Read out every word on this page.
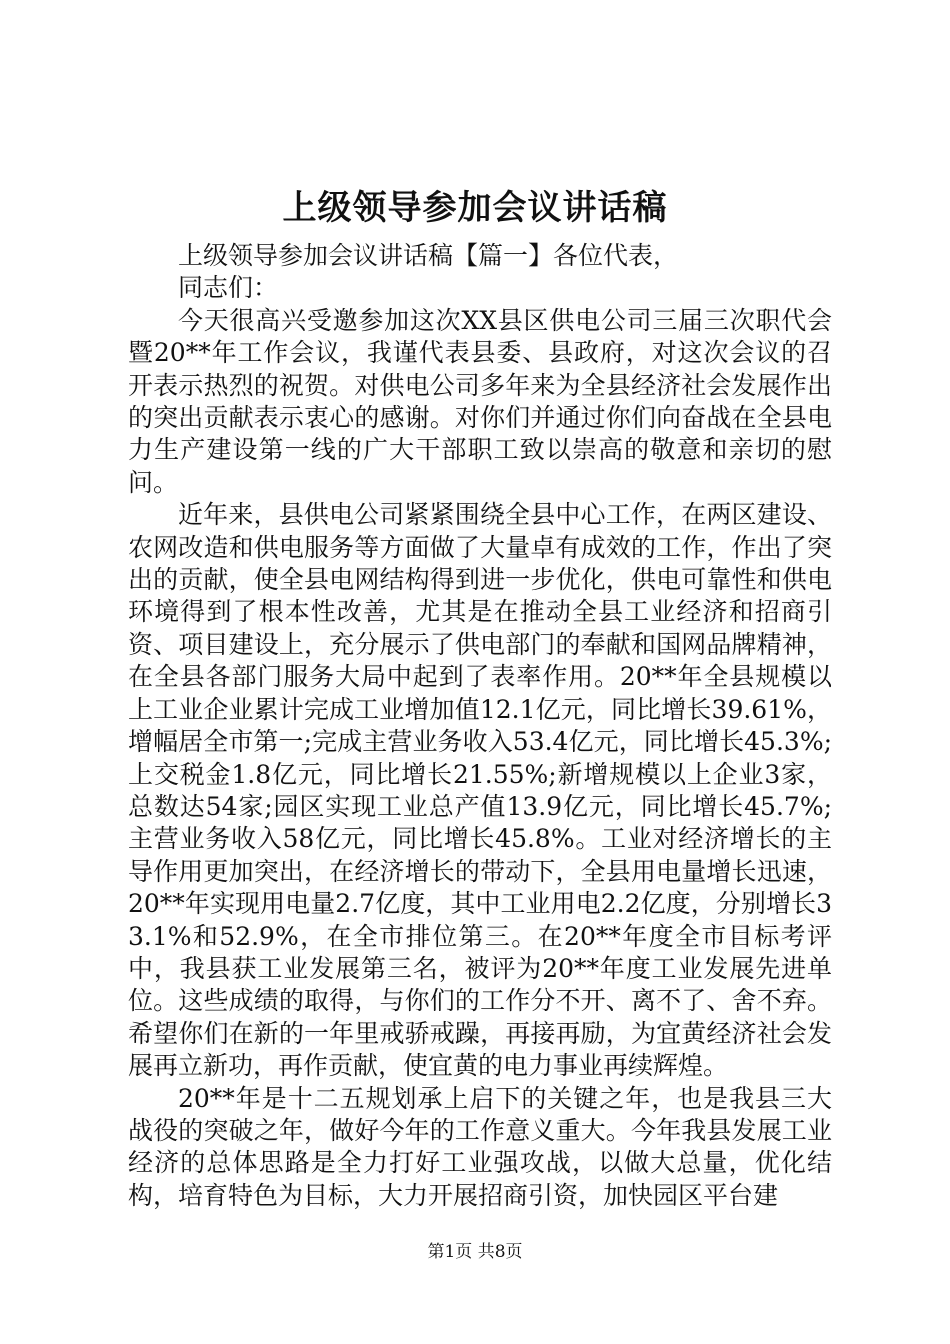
上级领导参加会议讲话稿

上级领导参加会议讲话稿【篇一】各位代表，

同志们：

今天很高兴受邀参加这次XX县区供电公司三届三次职代会暨20**年工作会议，我谨代表县委、县政府，对这次会议的召开表示热烈的祝贺。对供电公司多年来为全县经济社会发展作出的突出贡献表示衷心的感谢。对你们并通过你们向奋战在全县电力生产建设第一线的广大干部职工致以崇高的敬意和亲切的慰问。

近年来，县供电公司紧紧围绕全县中心工作，在两区建设、农网改造和供电服务等方面做了大量卓有成效的工作，作出了突出的贡献，使全县电网结构得到进一步优化，供电可靠性和供电环境得到了根本性改善，尤其是在推动全县工业经济和招商引资、项目建设上，充分展示了供电部门的奉献和国网品牌精神，在全县各部门服务大局中起到了表率作用。20**年全县规模以上工业企业累计完成工业增加值12.1亿元，同比增长39.61%，增幅居全市第一;完成主营业务收入53.4亿元，同比增长45.3%;上交税金1.8亿元，同比增长21.55%;新增规模以上企业3家，总数达54家;园区实现工业总产值13.9亿元，同比增长45.7%;主营业务收入58亿元，同比增长45.8%。工业对经济增长的主导作用更加突出，在经济增长的带动下，全县用电量增长迅速，20**年实现用电量2.7亿度，其中工业用电2.2亿度，分别增长33.1%和52.9%，在全市排位第三。在20**年度全市目标考评中，我县获工业发展第三名，被评为20**年度工业发展先进单位。这些成绩的取得，与你们的工作分不开、离不了、舍不弃。希望你们在新的一年里戒骄戒躁，再接再励，为宜黄经济社会发展再立新功，再作贡献，使宜黄的电力事业再续辉煌。

20**年是十二五规划承上启下的关键之年，也是我县三大战役的突破之年，做好今年的工作意义重大。今年我县发展工业经济的总体思路是全力打好工业强攻战，以做大总量，优化结构，培育特色为目标，大力开展招商引资，加快园区平台建

第1页 共8页
